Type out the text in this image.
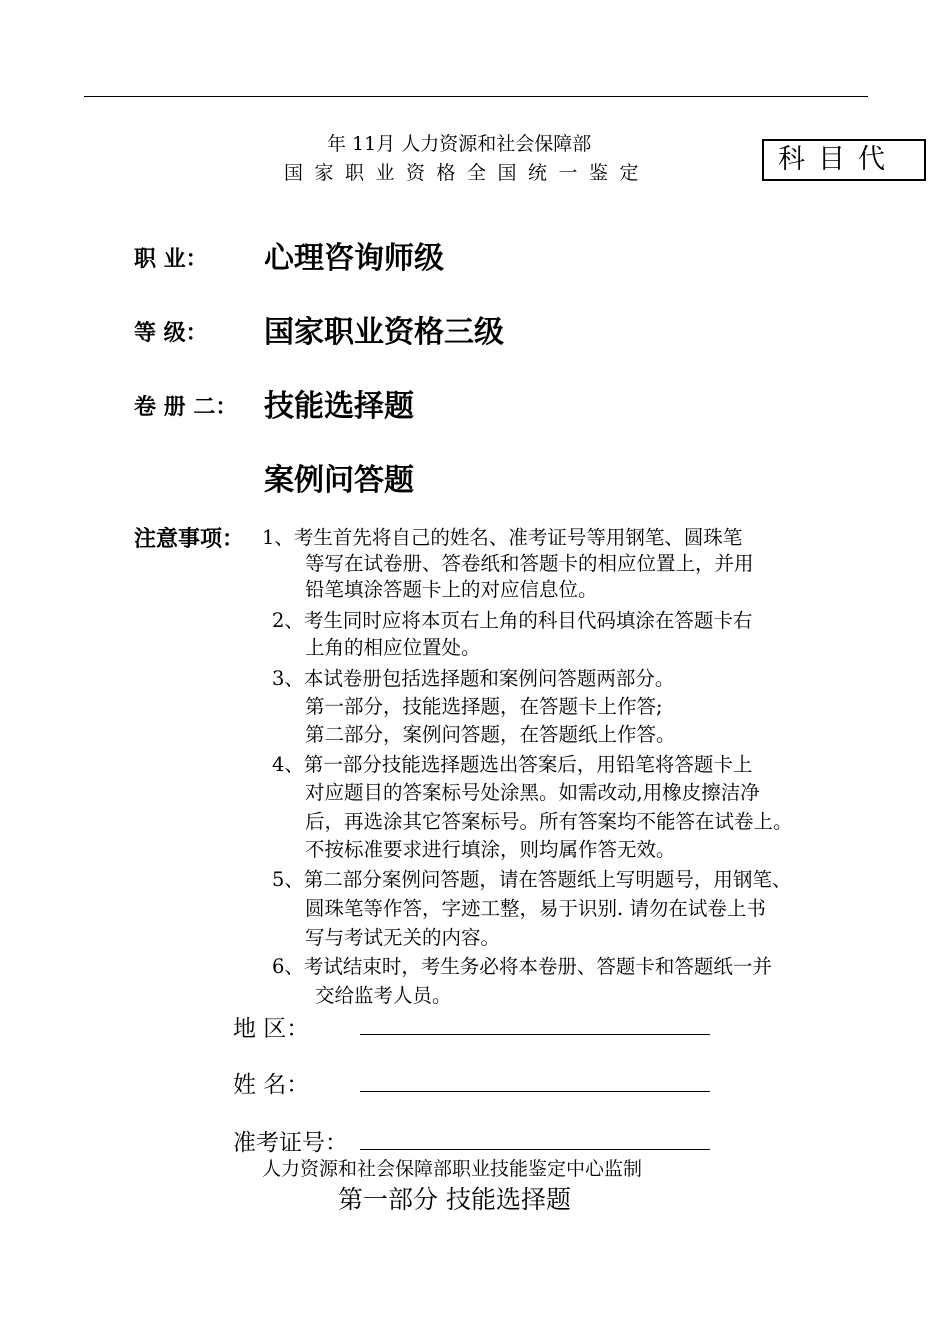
年 11月 人力资源和社会保障部
国家职业资格全国统一鉴定	科目代
职 业： 心理咨询师级
等 级： 国家职业资格三级
卷 册 二： 技能选择题
案例问答题
注意事项： 1、考生首先将自己的姓名、准考证号等用钢笔、圆珠笔
等写在试卷册、答卷纸和答题卡的相应位置上，并用
铅笔填涂答题卡上的对应信息位。
2、考生同时应将本页右上角的科目代码填涂在答题卡右
上角的相应位置处。
3、本试卷册包括选择题和案例问答题两部分。
第一部分，技能选择题，在答题卡上作答;
第二部分，案例问答题，在答题纸上作答。
4、第一部分技能选择题选出答案后，用铅笔将答题卡上
对应题目的答案标号处涂黑。如需改动,用橡皮擦洁净
后，再选涂其它答案标号。所有答案均不能答在试卷上。
不按标准要求进行填涂，则均属作答无效。
5、第二部分案例问答题，请在答题纸上写明题号，用钢笔、
圆珠笔等作答，字迹工整，易于识别. 请勿在试卷上书
写与考试无关的内容。
6、考试结束时，考生务必将本卷册、答题卡和答题纸一并
交给监考人员。
地 区：
姓 名：
准考证号：
人力资源和社会保障部职业技能鉴定中心监制
第一部分 技能选择题
